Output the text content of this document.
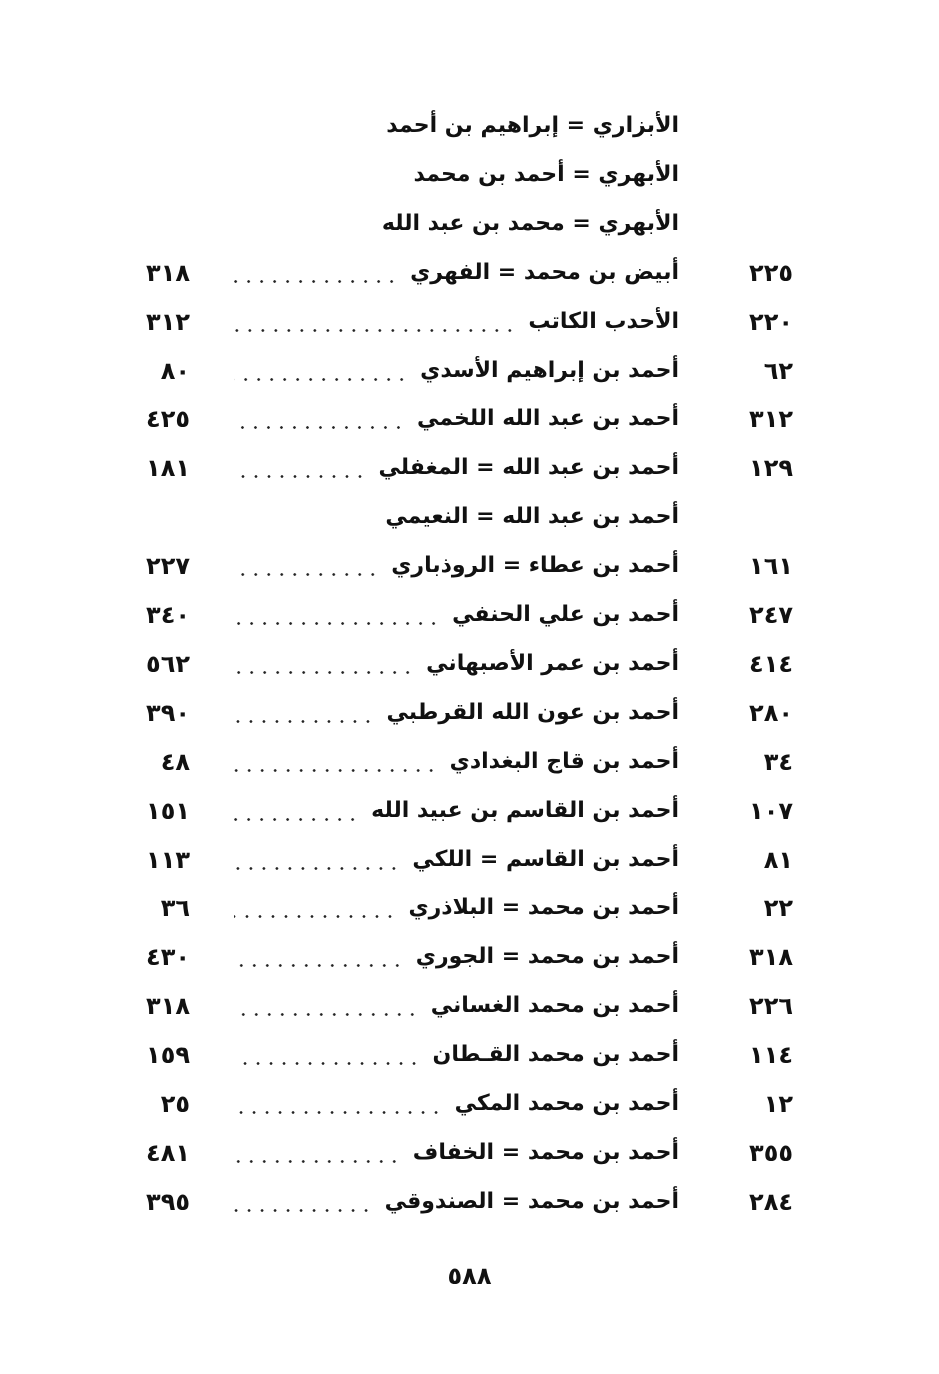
الأبزاري = إبراهيم بن أحمد
الأبهري = أحمد بن محمد
الأبهري = محمد بن عبد الله
٢٢٥
أبيض بن محمد = الفهري
٣١٨
٢٢٠
الأحدب الكاتب
٣١٢
٦٢
أحمد بن إبراهيم الأسدي
٨٠
٣١٢
أحمد بن عبد الله اللخمي
٤٢٥
١٢٩
أحمد بن عبد الله = المغفلي
١٨١
أحمد بن عبد الله = النعيمي
١٦١
أحمد بن عطاء = الروذباري
٢٢٧
٢٤٧
أحمد بن علي الحنفي
٣٤٠
٤١٤
أحمد بن عمر الأصبهاني
٥٦٢
٢٨٠
أحمد بن عون الله القرطبي
٣٩٠
٣٤
أحمد بن قاج البغدادي
٤٨
١٠٧
أحمد بن القاسم بن عبيد الله
١٥١
٨١
أحمد بن القاسم = اللكي
١١٣
٢٢
أحمد بن محمد = البلاذري
٣٦
٣١٨
أحمد بن محمد = الجوري
٤٣٠
٢٢٦
أحمد بن محمد الغساني
٣١٨
١١٤
أحمد بن محمد القـطان
١٥٩
١٢
أحمد بن محمد المكي
٢٥
٣٥٥
أحمد بن محمد = الخفاف
٤٨١
٢٨٤
أحمد بن محمد = الصندوقي
٣٩٥
٥٨٨
